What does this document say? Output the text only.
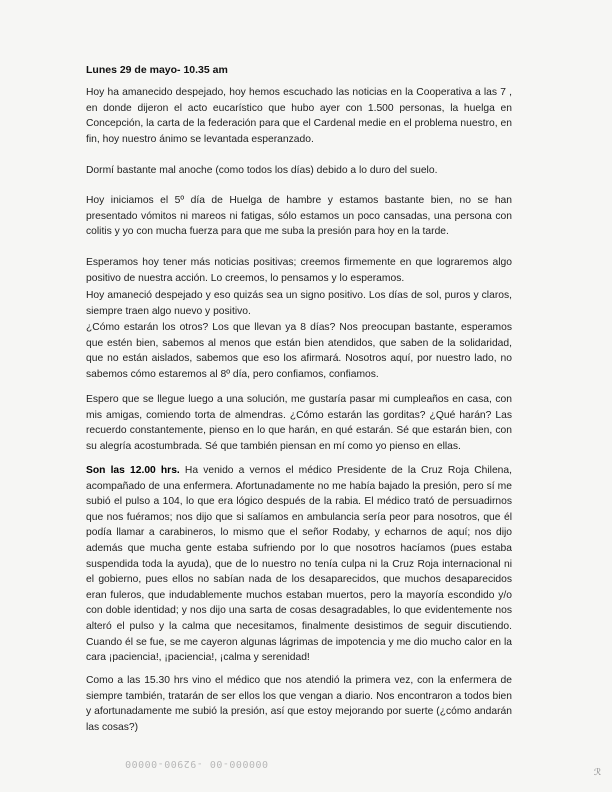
Lunes 29 de mayo- 10.35 am

Hoy ha amanecido despejado, hoy hemos escuchado las noticias en la Cooperativa a las 7 , en donde dijeron el acto eucarístico que hubo ayer con 1.500 personas, la huelga en Concepción, la carta de la federación para que el Cardenal medie en el problema nuestro, en fin, hoy nuestro ánimo se levantada esperanzado.

Dormí bastante mal anoche (como todos los días) debido a lo duro del suelo.

Hoy iniciamos el 5º día de Huelga de hambre y estamos bastante bien, no se han presentado vómitos ni mareos ni fatigas, sólo estamos un poco cansadas, una persona con colitis y yo con mucha fuerza para que me suba la presión para hoy en la tarde.

Esperamos hoy tener más noticias positivas; creemos firmemente en que lograremos algo positivo de nuestra acción. Lo creemos, lo pensamos y lo esperamos.

Hoy amaneció despejado y eso quizás sea un signo positivo. Los días de sol, puros y claros, siempre traen algo nuevo y positivo.

¿Cómo estarán los otros? Los que llevan ya 8 días? Nos preocupan bastante, esperamos que estén bien, sabemos al menos que están bien atendidos, que saben de la solidaridad, que no están aislados, sabemos que eso los afirmará. Nosotros aquí, por nuestro lado, no sabemos cómo estaremos al 8º día, pero confiamos, confiamos.

Espero que se llegue luego a una solución, me gustaría pasar mi cumpleaños en casa, con mis amigas, comiendo torta de almendras. ¿Cómo estarán las gorditas? ¿Qué harán? Las recuerdo constantemente, pienso en lo que harán, en qué estarán. Sé que estarán bien, con su alegría acostumbrada. Sé que también piensan en mí como yo pienso en ellas.

Son las 12.00 hrs. Ha venido a vernos el médico Presidente de la Cruz Roja Chilena, acompañado de una enfermera. Afortunadamente no me había bajado la presión, pero sí me subió el pulso a 104, lo que era lógico después de la rabia. El médico trató de persuadirnos que nos fuéramos; nos dijo que si salíamos en ambulancia sería peor para nosotros, que él podía llamar a carabineros, lo mismo que el señor Rodaby, y echarnos de aquí; nos dijo además que mucha gente estaba sufriendo por lo que nosotros hacíamos (pues estaba suspendida toda la ayuda), que de lo nuestro no tenía culpa ni la Cruz Roja internacional ni el gobierno, pues ellos no sabían nada de los desaparecidos, que muchos desaparecidos eran fuleros, que indudablemente muchos estaban muertos, pero la mayoría escondido y/o con doble identidad; y nos dijo una sarta de cosas desagradables, lo que evidentemente nos alteró el pulso y la calma que necesitamos, finalmente desistimos de seguir discutiendo. Cuando él se fue, se me cayeron algunas lágrimas de impotencia y me dio mucho calor en la cara ¡paciencia!, ¡paciencia!, ¡calma y serenidad!

Como a las 15.30 hrs vino el médico que nos atendió la primera vez, con la enfermera de siempre también, tratarán de ser ellos los que vengan a diario. Nos encontraron a todos bien y afortunadamente me subió la presión, así que estoy mejorando por suerte (¿cómo andarán las cosas?)

000000-00 -92900-00000
ℛ
